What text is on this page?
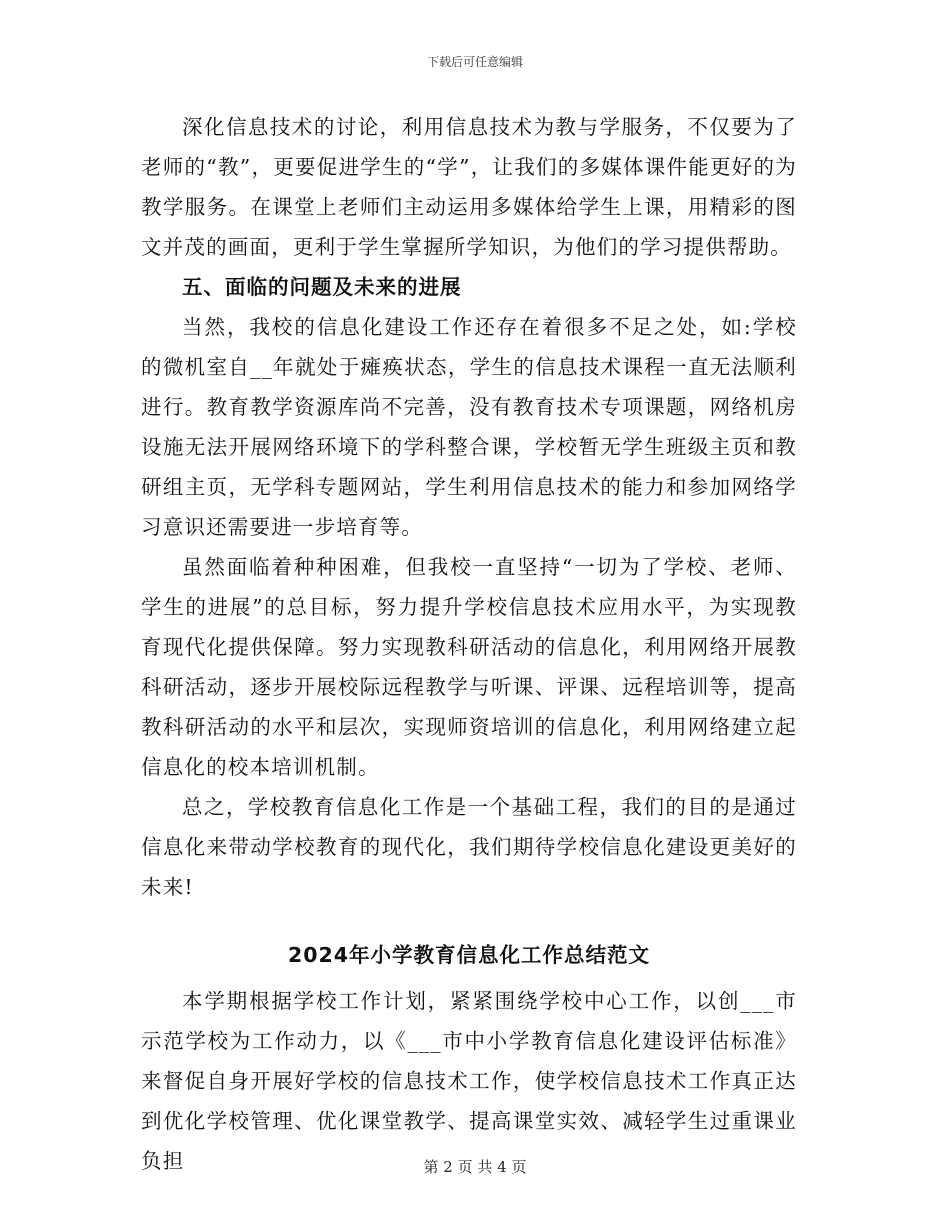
下载后可任意编辑

深化信息技术的讨论，利用信息技术为教与学服务，不仅要为了老师的“教”，更要促进学生的“学”，让我们的多媒体课件能更好的为教学服务。在课堂上老师们主动运用多媒体给学生上课，用精彩的图文并茂的画面，更利于学生掌握所学知识，为他们的学习提供帮助。

五、面临的问题及未来的进展

当然，我校的信息化建设工作还存在着很多不足之处，如:学校的微机室自__年就处于瘫痪状态，学生的信息技术课程一直无法顺利进行。教育教学资源库尚不完善，没有教育技术专项课题，网络机房设施无法开展网络环境下的学科整合课，学校暂无学生班级主页和教研组主页，无学科专题网站，学生利用信息技术的能力和参加网络学习意识还需要进一步培育等。

虽然面临着种种困难，但我校一直坚持“一切为了学校、老师、学生的进展”的总目标，努力提升学校信息技术应用水平，为实现教育现代化提供保障。努力实现教科研活动的信息化，利用网络开展教科研活动，逐步开展校际远程教学与听课、评课、远程培训等，提高教科研活动的水平和层次，实现师资培训的信息化，利用网络建立起信息化的校本培训机制。

总之，学校教育信息化工作是一个基础工程，我们的目的是通过信息化来带动学校教育的现代化，我们期待学校信息化建设更美好的未来!

2024年小学教育信息化工作总结范文

本学期根据学校工作计划，紧紧围绕学校中心工作，以创___市示范学校为工作动力，以《___市中小学教育信息化建设评估标准》来督促自身开展好学校的信息技术工作，使学校信息技术工作真正达到优化学校管理、优化课堂教学、提高课堂实效、减轻学生过重课业负担	第 2 页 共 4 页
